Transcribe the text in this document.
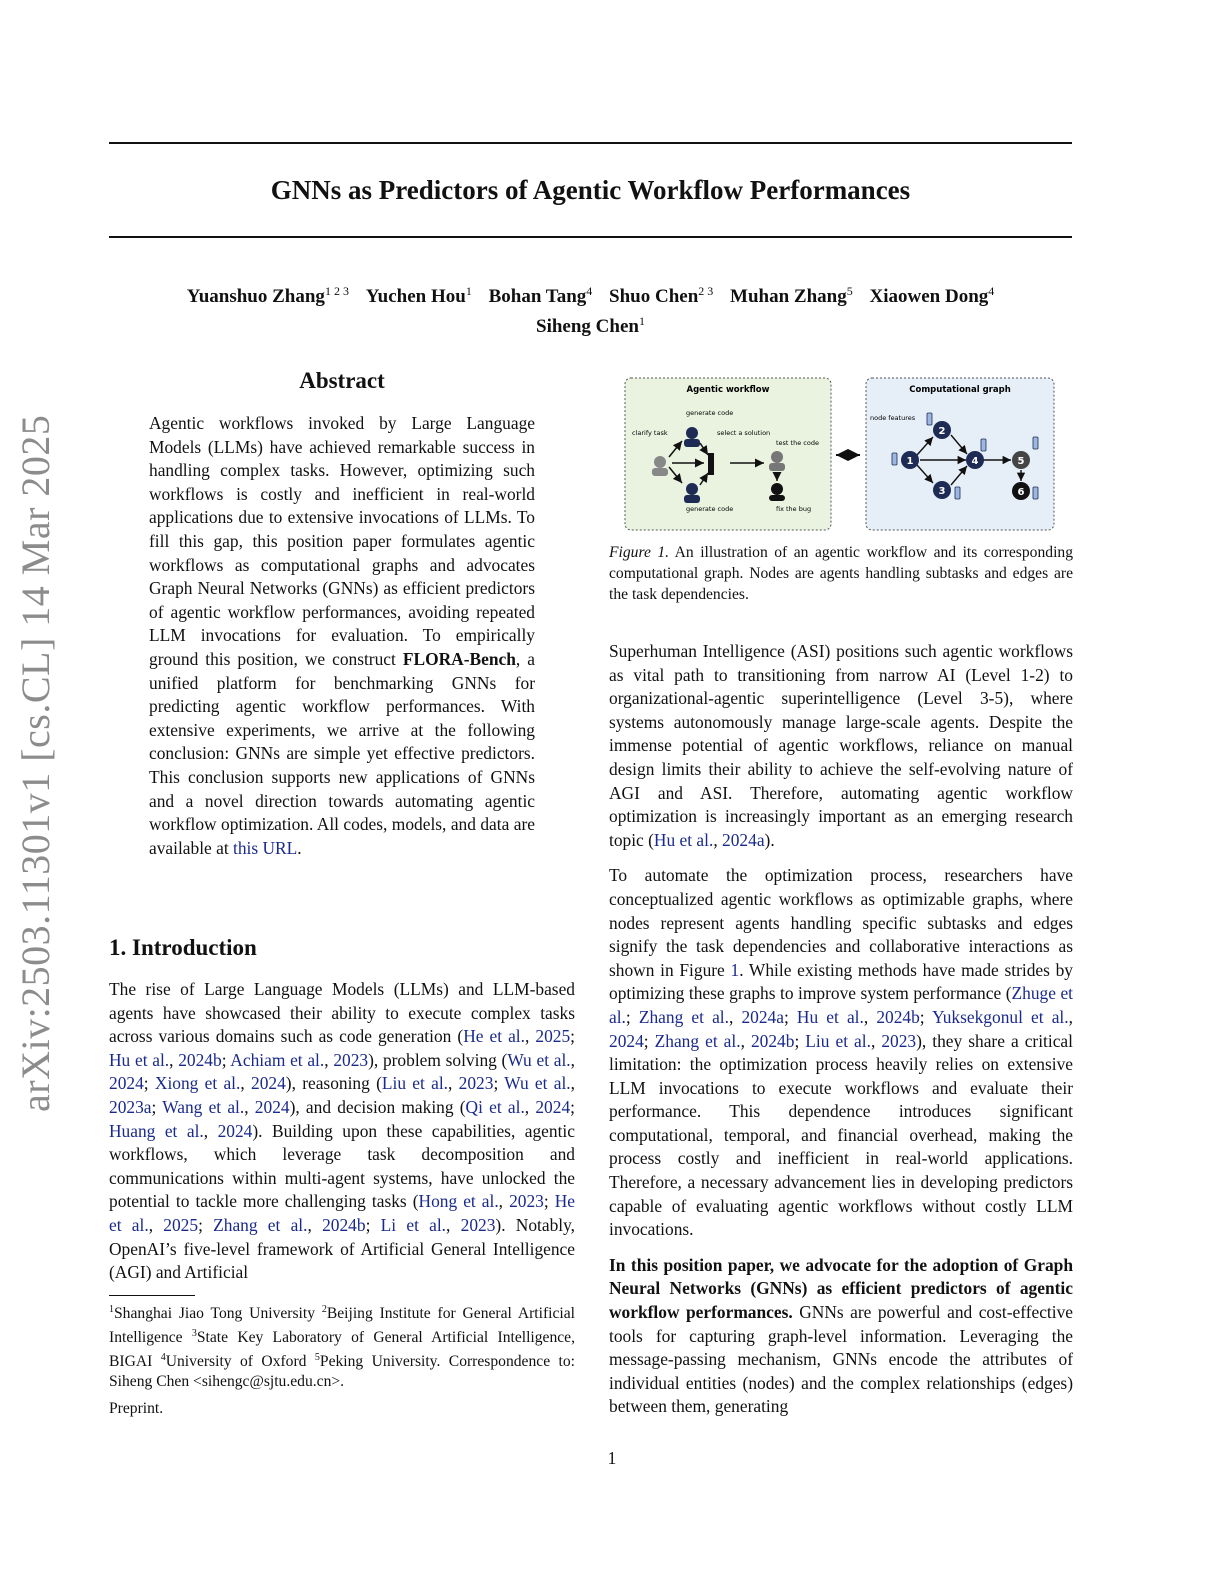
GNNs as Predictors of Agentic Workflow Performances
Yuanshuo Zhang$^{1 2 3}$ Yuchen Hou$^1$ Bohan Tang$^4$ Shuo Chen$^{2 3}$ Muhan Zhang$^5$ Xiaowen Dong$^4$
Siheng Chen$^1$
arXiv:2503.11301v1 [cs.CL] 14 Mar 2025
Abstract
Agentic workflows invoked by Large Language Models (LLMs) have achieved remarkable success in handling complex tasks. However, optimizing such workflows is costly and inefficient in real-world applications due to extensive invocations of LLMs. To fill this gap, this position paper formulates agentic workflows as computational graphs and advocates Graph Neural Networks (GNNs) as efficient predictors of agentic workflow performances, avoiding repeated LLM invocations for evaluation. To empirically ground this position, we construct FLORA-Bench, a unified platform for benchmarking GNNs for predicting agentic workflow performances. With extensive experiments, we arrive at the following conclusion: GNNs are simple yet effective predictors. This conclusion supports new applications of GNNs and a novel direction towards automating agentic workflow optimization. All codes, models, and data are available at this URL.
1. Introduction

The rise of Large Language Models (LLMs) and LLM-based agents have showcased their ability to execute complex tasks across various domains such as code generation (He et al., 2025; Hu et al., 2024b; Achiam et al., 2023), problem solving (Wu et al., 2024; Xiong et al., 2024), reasoning (Liu et al., 2023; Wu et al., 2023a; Wang et al., 2024), and decision making (Qi et al., 2024; Huang et al., 2024). Building upon these capabilities, agentic workflows, which leverage task decomposition and communications within multi-agent systems, have unlocked the potential to tackle more challenging tasks (Hong et al., 2023; He et al., 2025; Zhang et al., 2024b; Li et al., 2023). Notably, OpenAI’s five-level framework of Artificial General Intelligence (AGI) and Artificial

$^1$Shanghai Jiao Tong University $^2$Beijing Institute for General Artificial Intelligence $^3$State Key Laboratory of General Artificial Intelligence, BIGAI $^4$University of Oxford $^5$Peking University. Correspondence to: Siheng Chen <sihengc@sjtu.edu.cn>.
Preprint.
1
Agentic workflow
generate code
clarify task	select a solution
test the code
generate code	fix the bug
Computational graph
node features
1
2
3
4	5
6
Figure 1. An illustration of an agentic workflow and its corresponding computational graph. Nodes are agents handling subtasks and edges are the task dependencies.

Superhuman Intelligence (ASI) positions such agentic workflows as vital path to transitioning from narrow AI (Level 1-2) to organizational-agentic superintelligence (Level 3-5), where systems autonomously manage large-scale agents. Despite the immense potential of agentic workflows, reliance on manual design limits their ability to achieve the self-evolving nature of AGI and ASI. Therefore, automating agentic workflow optimization is increasingly important as an emerging research topic (Hu et al., 2024a).

To automate the optimization process, researchers have conceptualized agentic workflows as optimizable graphs, where nodes represent agents handling specific subtasks and edges signify the task dependencies and collaborative interactions as shown in Figure 1. While existing methods have made strides by optimizing these graphs to improve system performance (Zhuge et al.; Zhang et al., 2024a; Hu et al., 2024b; Yuksekgonul et al., 2024; Zhang et al., 2024b; Liu et al., 2023), they share a critical limitation: the optimization process heavily relies on extensive LLM invocations to execute workflows and evaluate their performance. This dependence introduces significant computational, temporal, and financial overhead, making the process costly and inefficient in real-world applications. Therefore, a necessary advancement lies in developing predictors capable of evaluating agentic workflows without costly LLM invocations.

In this position paper, we advocate for the adoption of Graph Neural Networks (GNNs) as efficient predictors of agentic workflow performances. GNNs are powerful and cost-effective tools for capturing graph-level information. Leveraging the message-passing mechanism, GNNs encode the attributes of individual entities (nodes) and the complex relationships (edges) between them, generating
